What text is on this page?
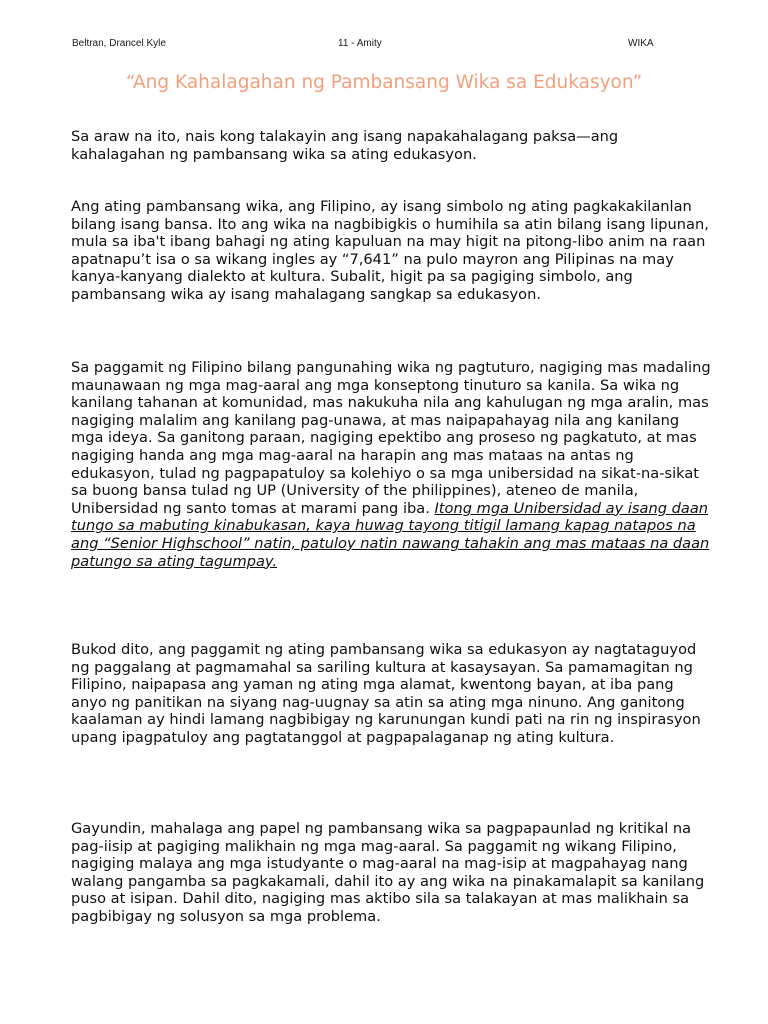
Beltran, Drancel Kyle	11 - Amity	WIKA
“Ang Kahalagahan ng Pambansang Wika sa Edukasyon”

Sa araw na ito, nais kong talakayin ang isang napakahalagang paksa—ang kahalagahan ng pambansang wika sa ating edukasyon.

Ang ating pambansang wika, ang Filipino, ay isang simbolo ng ating pagkakakilanlan bilang isang bansa. Ito ang wika na nagbibigkis o humihila sa atin bilang isang lipunan, mula sa iba't ibang bahagi ng ating kapuluan na may higit na pitong-libo anim na raan apatnapu’t isa o sa wikang ingles ay “7,641” na pulo mayron ang Pilipinas na may kanya-kanyang dialekto at kultura. Subalit, higit pa sa pagiging simbolo, ang pambansang wika ay isang mahalagang sangkap sa edukasyon.

Sa paggamit ng Filipino bilang pangunahing wika ng pagtuturo, nagiging mas madaling maunawaan ng mga mag-aaral ang mga konseptong tinuturo sa kanila. Sa wika ng kanilang tahanan at komunidad, mas nakukuha nila ang kahulugan ng mga aralin, mas nagiging malalim ang kanilang pag-unawa, at mas naipapahayag nila ang kanilang mga ideya. Sa ganitong paraan, nagiging epektibo ang proseso ng pagkatuto, at mas nagiging handa ang mga mag-aaral na harapin ang mas mataas na antas ng edukasyon, tulad ng pagpapatuloy sa kolehiyo o sa mga unibersidad na sikat-na-sikat sa buong bansa tulad ng UP (University of the philippines), ateneo de manila, Unibersidad ng santo tomas at marami pang iba. Itong mga Unibersidad ay isang daan tungo sa mabuting kinabukasan, kaya huwag tayong titigil lamang kapag natapos na ang “Senior Highschool” natin, patuloy natin nawang tahakin ang mas mataas na daan patungo sa ating tagumpay.

Bukod dito, ang paggamit ng ating pambansang wika sa edukasyon ay nagtataguyod ng paggalang at pagmamahal sa sariling kultura at kasaysayan. Sa pamamagitan ng Filipino, naipapasa ang yaman ng ating mga alamat, kwentong bayan, at iba pang anyo ng panitikan na siyang nag-uugnay sa atin sa ating mga ninuno. Ang ganitong kaalaman ay hindi lamang nagbibigay ng karunungan kundi pati na rin ng inspirasyon upang ipagpatuloy ang pagtatanggol at pagpapalaganap ng ating kultura.

Gayundin, mahalaga ang papel ng pambansang wika sa pagpapaunlad ng kritikal na pag-iisip at pagiging malikhain ng mga mag-aaral. Sa paggamit ng wikang Filipino, nagiging malaya ang mga istudyante o mag-aaral na mag-isip at magpahayag nang walang pangamba sa pagkakamali, dahil ito ay ang wika na pinakamalapit sa kanilang puso at isipan. Dahil dito, nagiging mas aktibo sila sa talakayan at mas malikhain sa pagbibigay ng solusyon sa mga problema.
